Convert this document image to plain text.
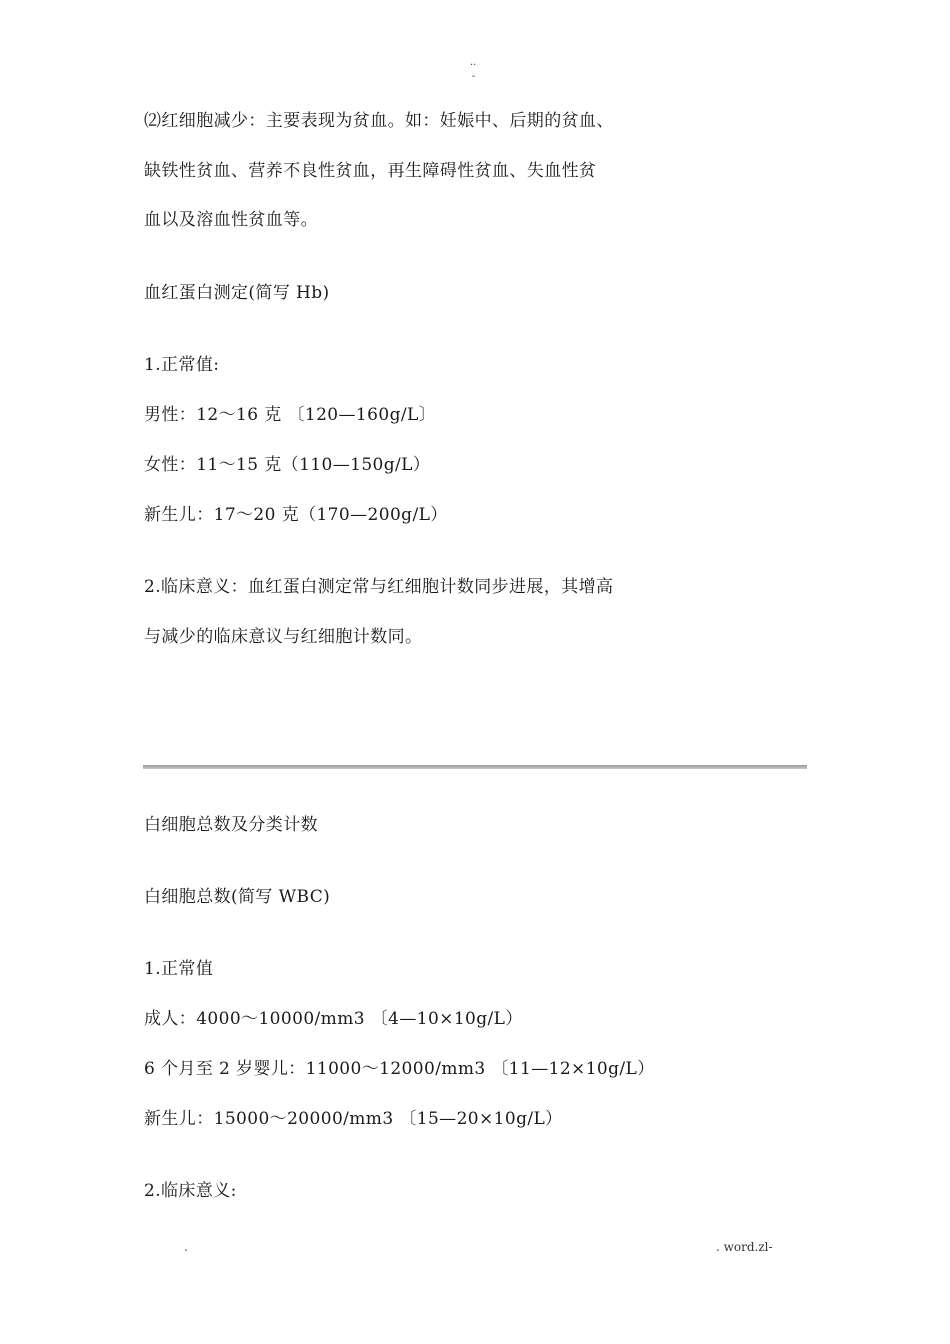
..
-
⑵红细胞减少：主要表现为贫血。如：妊娠中、后期的贫血、
缺铁性贫血、营养不良性贫血，再生障碍性贫血、失血性贫
血以及溶血性贫血等。
血红蛋白测定(简写 Hb)
1.正常值:
男性：12～16 克 〔120—160g/L〕
女性：11～15 克（110—150g/L）
新生儿：17～20 克（170—200g/L）
2.临床意义：血红蛋白测定常与红细胞计数同步进展，其增高
与减少的临床意议与红细胞计数同。
白细胞总数及分类计数
白细胞总数(简写 WBC)
1.正常值
成人：4000～10000/mm3 〔4—10×10g/L）
6 个月至 2 岁婴儿：11000～12000/mm3 〔11—12×10g/L）
新生儿：15000～20000/mm3 〔15—20×10g/L）
2.临床意义:
.	. word.zl-
